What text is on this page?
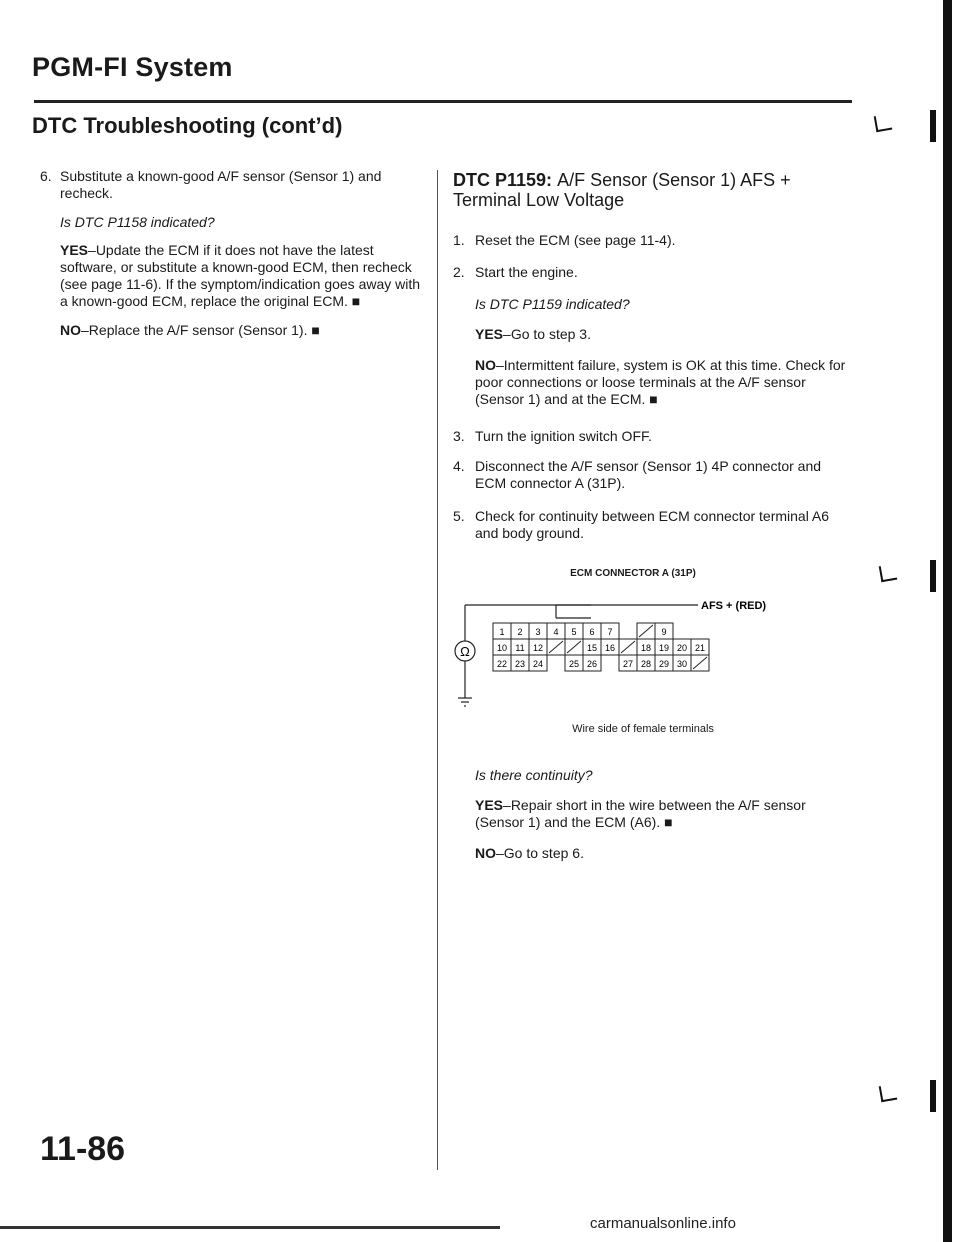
PGM-FI System
DTC Troubleshooting (cont’d)
6. Substitute a known-good A/F sensor (Sensor 1) and recheck.
Is DTC P1158 indicated?
YES–Update the ECM if it does not have the latest software, or substitute a known-good ECM, then recheck (see page 11-6). If the symptom/indication goes away with a known-good ECM, replace the original ECM. ■
NO–Replace the A/F sensor (Sensor 1). ■
DTC P1159: A/F Sensor (Sensor 1) AFS + Terminal Low Voltage
1. Reset the ECM (see page 11-4).
2. Start the engine.
Is DTC P1159 indicated?
YES–Go to step 3.
NO–Intermittent failure, system is OK at this time. Check for poor connections or loose terminals at the A/F sensor (Sensor 1) and at the ECM. ■
3. Turn the ignition switch OFF.
4. Disconnect the A/F sensor (Sensor 1) 4P connector and ECM connector A (31P).
5. Check for continuity between ECM connector terminal A6 and body ground.
ECM CONNECTOR A (31P)
Ω
AFS + (RED)
1 2 3 4 5 6 7	9
10 11 12	15 16	18 19 20 21
22 23 24	25 26	27 28 29 30
Wire side of female terminals
Is there continuity?
YES–Repair short in the wire between the A/F sensor (Sensor 1) and the ECM (A6). ■
NO–Go to step 6.
11-86
carmanualsonline.info
